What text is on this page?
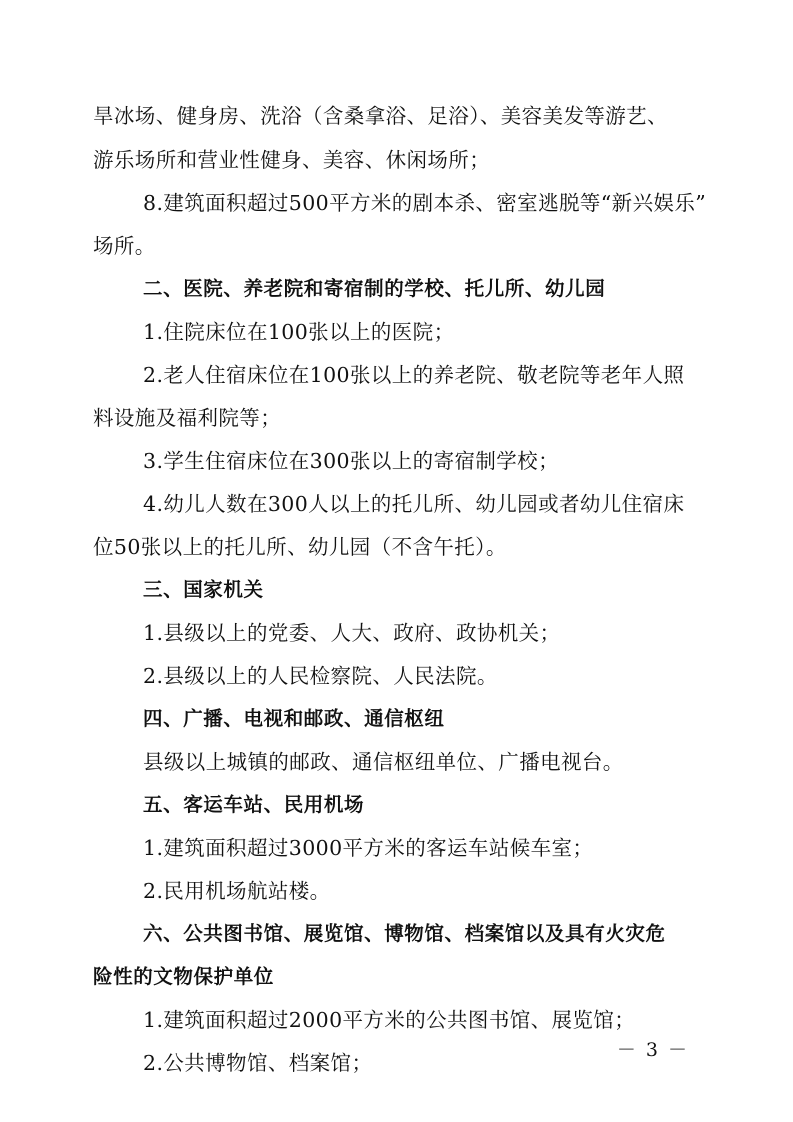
旱冰场、健身房、洗浴（含桑拿浴、足浴）、美容美发等游艺、

游乐场所和营业性健身、美容、休闲场所；

8.建筑面积超过500平方米的剧本杀、密室逃脱等“新兴娱乐”

场所。

二、医院、养老院和寄宿制的学校、托儿所、幼儿园

1.住院床位在100张以上的医院；

2.老人住宿床位在100张以上的养老院、敬老院等老年人照

料设施及福利院等；

3.学生住宿床位在300张以上的寄宿制学校；

4.幼儿人数在300人以上的托儿所、幼儿园或者幼儿住宿床

位50张以上的托儿所、幼儿园（不含午托）。

三、国家机关

1.县级以上的党委、人大、政府、政协机关；

2.县级以上的人民检察院、人民法院。

四、广播、电视和邮政、通信枢纽

县级以上城镇的邮政、通信枢纽单位、广播电视台。

五、客运车站、民用机场

1.建筑面积超过3000平方米的客运车站候车室；

2.民用机场航站楼。

六、公共图书馆、展览馆、博物馆、档案馆以及具有火灾危

险性的文物保护单位

1.建筑面积超过2000平方米的公共图书馆、展览馆；

2.公共博物馆、档案馆；

－ 3 －
